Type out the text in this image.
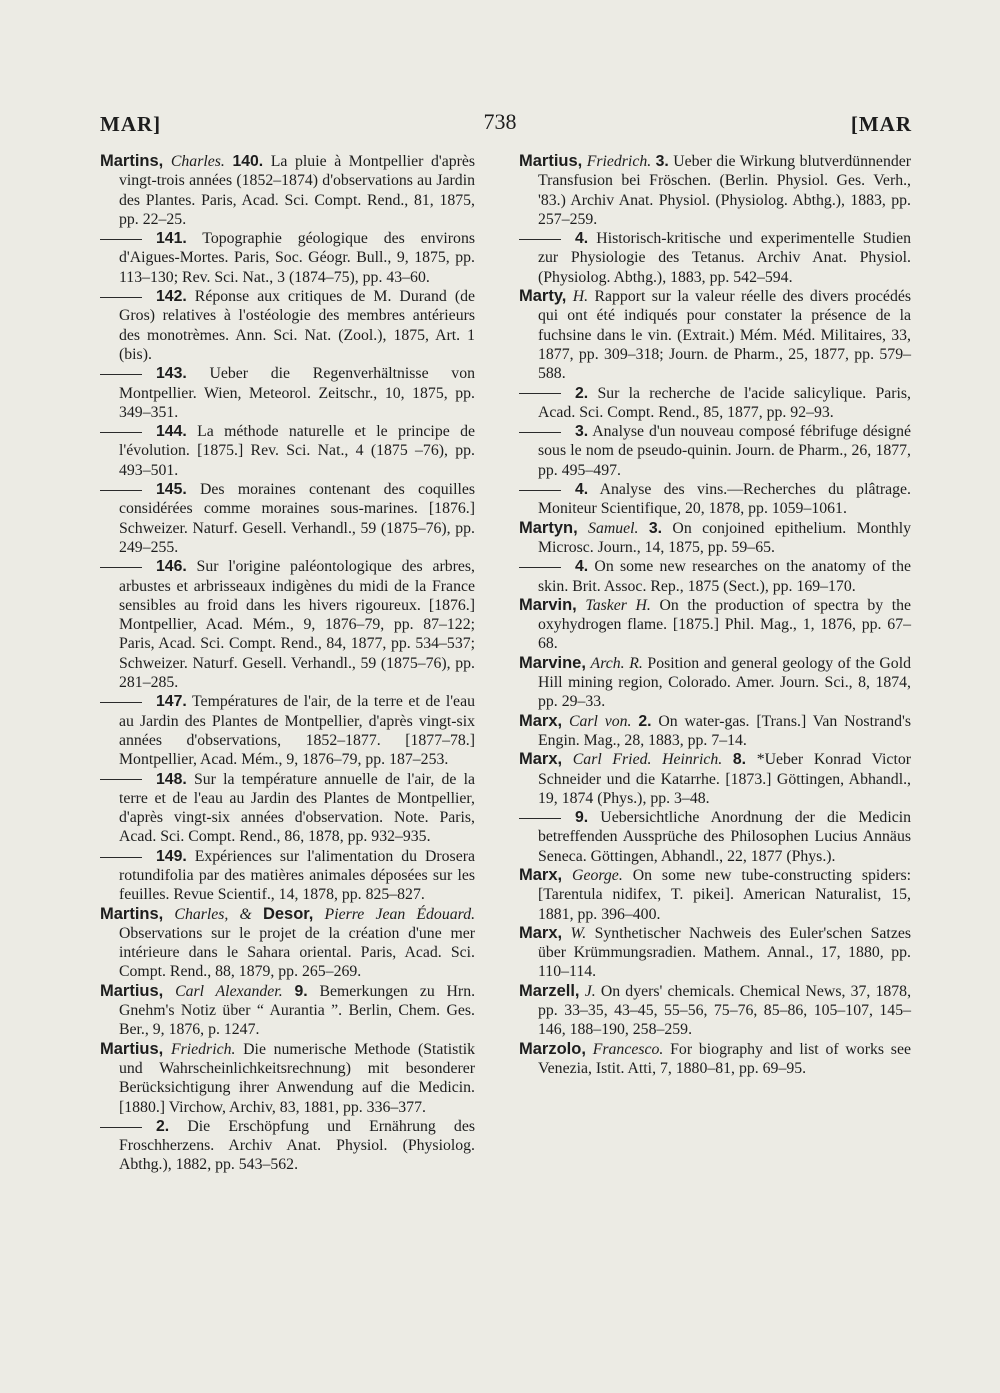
MAR]	738	[MAR

Martins, Charles. 140. La pluie à Montpellier d'après vingt-trois années (1852–1874) d'observations au Jardin des Plantes. Paris, Acad. Sci. Compt. Rend., 81, 1875, pp. 22–25.

141. Topographie géologique des environs d'Aigues-Mortes. Paris, Soc. Géogr. Bull., 9, 1875, pp. 113–130; Rev. Sci. Nat., 3 (1874–75), pp. 43–60.

142. Réponse aux critiques de M. Durand (de Gros) relatives à l'ostéologie des membres antérieurs des monotrèmes. Ann. Sci. Nat. (Zool.), 1875, Art. 1 (bis).

143. Ueber die Regenverhältnisse von Montpellier. Wien, Meteorol. Zeitschr., 10, 1875, pp. 349–351.

144. La méthode naturelle et le principe de l'évolution. [1875.] Rev. Sci. Nat., 4 (1875 –76), pp. 493–501.

145. Des moraines contenant des coquilles considérées comme moraines sous-marines. [1876.] Schweizer. Naturf. Gesell. Verhandl., 59 (1875–76), pp. 249–255.

146. Sur l'origine paléontologique des arbres, arbustes et arbrisseaux indigènes du midi de la France sensibles au froid dans les hivers rigoureux. [1876.] Montpellier, Acad. Mém., 9, 1876–79, pp. 87–122; Paris, Acad. Sci. Compt. Rend., 84, 1877, pp. 534–537; Schweizer. Naturf. Gesell. Verhandl., 59 (1875–76), pp. 281–285.

147. Températures de l'air, de la terre et de l'eau au Jardin des Plantes de Montpellier, d'après vingt-six années d'observations, 1852–1877. [1877–78.] Montpellier, Acad. Mém., 9, 1876–79, pp. 187–253.

148. Sur la température annuelle de l'air, de la terre et de l'eau au Jardin des Plantes de Montpellier, d'après vingt-six années d'observation. Note. Paris, Acad. Sci. Compt. Rend., 86, 1878, pp. 932–935.

149. Expériences sur l'alimentation du Drosera rotundifolia par des matières animales déposées sur les feuilles. Revue Scientif., 14, 1878, pp. 825–827.

Martins, Charles, & Desor, Pierre Jean Édouard. Observations sur le projet de la création d'une mer intérieure dans le Sahara oriental. Paris, Acad. Sci. Compt. Rend., 88, 1879, pp. 265–269.

Martius, Carl Alexander. 9. Bemerkungen zu Hrn. Gnehm's Notiz über “ Aurantia ”. Berlin, Chem. Ges. Ber., 9, 1876, p. 1247.

Martius, Friedrich. Die numerische Methode (Statistik und Wahrscheinlichkeitsrechnung) mit besonderer Berücksichtigung ihrer Anwendung auf die Medicin. [1880.] Virchow, Archiv, 83, 1881, pp. 336–377.

2. Die Erschöpfung und Ernährung des Froschherzens. Archiv Anat. Physiol. (Physiolog. Abthg.), 1882, pp. 543–562.

Martius, Friedrich. 3. Ueber die Wirkung blutverdünnender Transfusion bei Fröschen. (Berlin. Physiol. Ges. Verh., '83.) Archiv Anat. Physiol. (Physiolog. Abthg.), 1883, pp. 257–259.

4. Historisch-kritische und experimentelle Studien zur Physiologie des Tetanus. Archiv Anat. Physiol. (Physiolog. Abthg.), 1883, pp. 542–594.

Marty, H. Rapport sur la valeur réelle des divers procédés qui ont été indiqués pour constater la présence de la fuchsine dans le vin. (Extrait.) Mém. Méd. Militaires, 33, 1877, pp. 309–318; Journ. de Pharm., 25, 1877, pp. 579–588.

2. Sur la recherche de l'acide salicylique. Paris, Acad. Sci. Compt. Rend., 85, 1877, pp. 92–93.

3. Analyse d'un nouveau composé fébrifuge désigné sous le nom de pseudo-quinin. Journ. de Pharm., 26, 1877, pp. 495–497.

4. Analyse des vins.—Recherches du plâtrage. Moniteur Scientifique, 20, 1878, pp. 1059–1061.

Martyn, Samuel. 3. On conjoined epithelium. Monthly Microsc. Journ., 14, 1875, pp. 59–65.

4. On some new researches on the anatomy of the skin. Brit. Assoc. Rep., 1875 (Sect.), pp. 169–170.

Marvin, Tasker H. On the production of spectra by the oxyhydrogen flame. [1875.] Phil. Mag., 1, 1876, pp. 67–68.

Marvine, Arch. R. Position and general geology of the Gold Hill mining region, Colorado. Amer. Journ. Sci., 8, 1874, pp. 29–33.

Marx, Carl von. 2. On water-gas. [Trans.] Van Nostrand's Engin. Mag., 28, 1883, pp. 7–14.

Marx, Carl Fried. Heinrich. 8. *Ueber Konrad Victor Schneider und die Katarrhe. [1873.] Göttingen, Abhandl., 19, 1874 (Phys.), pp. 3–48.

9. Uebersichtliche Anordnung der die Medicin betreffenden Aussprüche des Philosophen Lucius Annäus Seneca. Göttingen, Abhandl., 22, 1877 (Phys.).

Marx, George. On some new tube-constructing spiders: [Tarentula nidifex, T. pikei]. American Naturalist, 15, 1881, pp. 396–400.

Marx, W. Synthetischer Nachweis des Euler'schen Satzes über Krümmungsradien. Mathem. Annal., 17, 1880, pp. 110–114.

Marzell, J. On dyers' chemicals. Chemical News, 37, 1878, pp. 33–35, 43–45, 55–56, 75–76, 85–86, 105–107, 145–146, 188–190, 258–259.

Marzolo, Francesco. For biography and list of works see Venezia, Istit. Atti, 7, 1880–81, pp. 69–95.
